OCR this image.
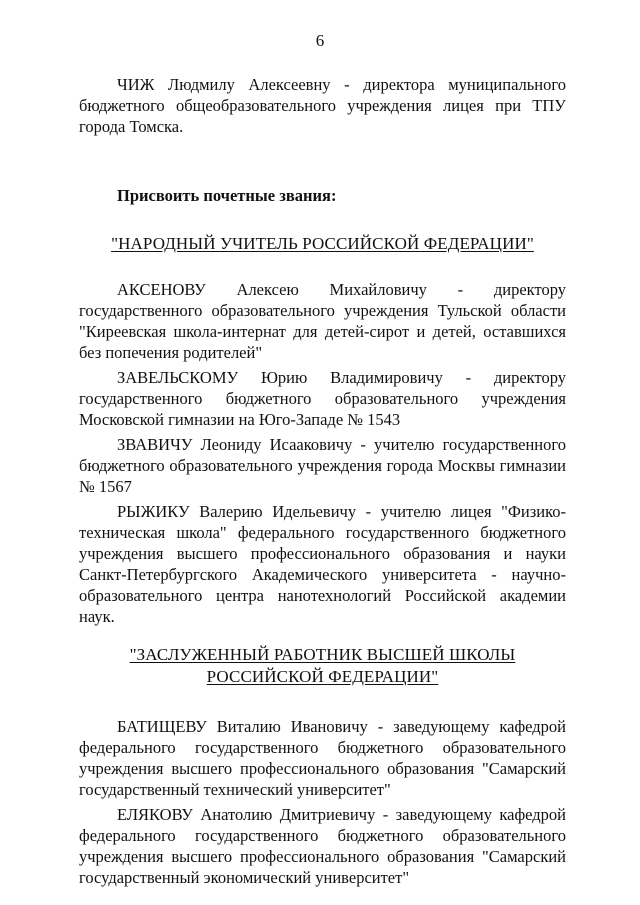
6

ЧИЖ Людмилу Алексеевну - директора муниципального бюджетного общеобразовательного учреждения лицея при ТПУ города Томска.

Присвоить почетные звания:

"НАРОДНЫЙ УЧИТЕЛЬ РОССИЙСКОЙ ФЕДЕРАЦИИ"

АКСЕНОВУ Алексею Михайловичу - директору государственного образовательного учреждения Тульской области "Киреевская школа-интернат для детей-сирот и детей, оставшихся без попечения родителей"

ЗАВЕЛЬСКОМУ Юрию Владимировичу - директору государственного бюджетного образовательного учреждения Московской гимназии на Юго-Западе № 1543

ЗВАВИЧУ Леониду Исааковичу - учителю государственного бюджетного образовательного учреждения города Москвы гимназии № 1567

РЫЖИКУ Валерию Идельевичу - учителю лицея "Физико-техническая школа" федерального государственного бюджетного учреждения высшего профессионального образования и науки Санкт-Петербургского Академического университета - научно-образовательного центра нанотехнологий Российской академии наук.

"ЗАСЛУЖЕННЫЙ РАБОТНИК ВЫСШЕЙ ШКОЛЫ
РОССИЙСКОЙ ФЕДЕРАЦИИ"

БАТИЩЕВУ Виталию Ивановичу - заведующему кафедрой федерального государственного бюджетного образовательного учреждения высшего профессионального образования "Самарский государственный технический университет"

ЕЛЯКОВУ Анатолию Дмитриевичу - заведующему кафедрой федерального государственного бюджетного образовательного учреждения высшего профессионального образования "Самарский государственный экономический университет"
